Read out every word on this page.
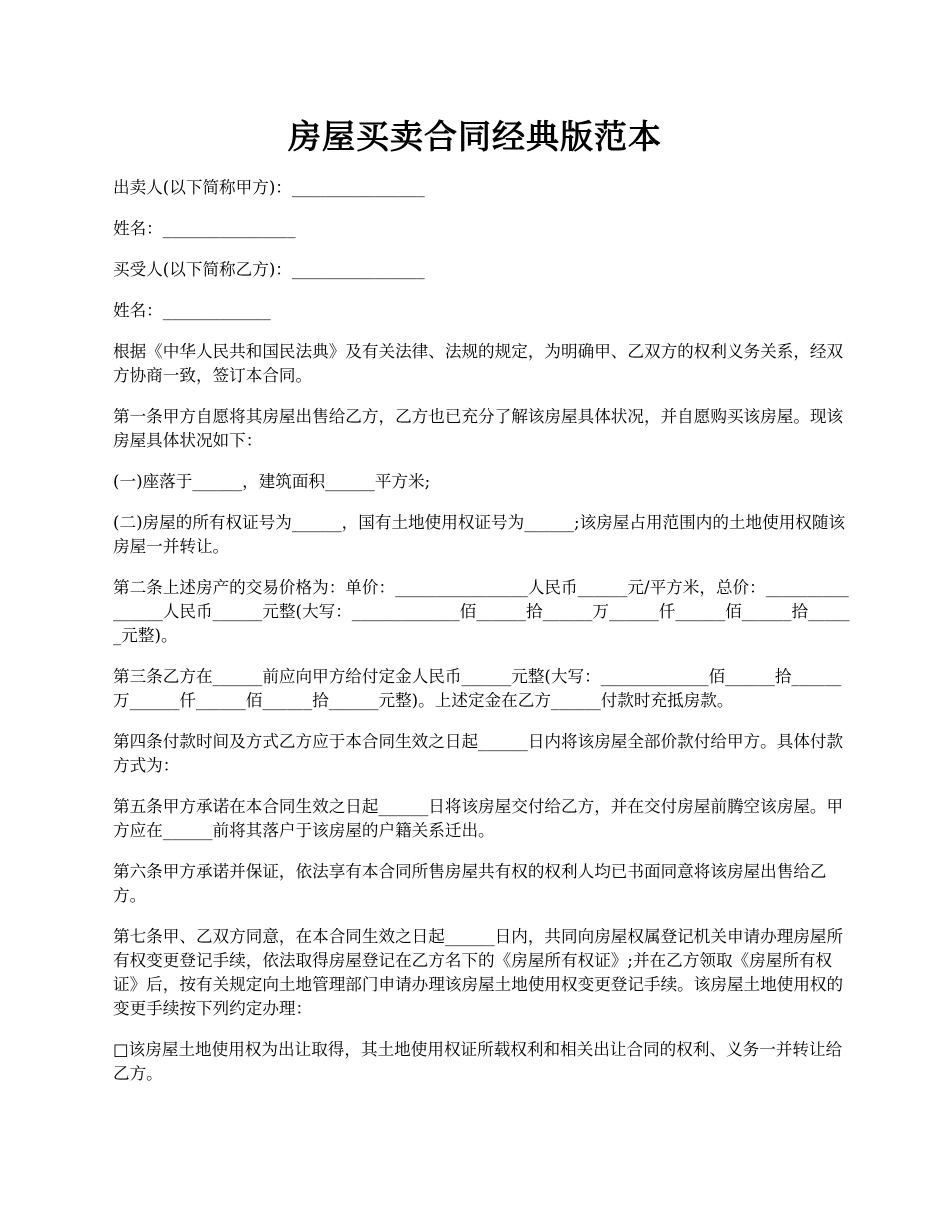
房屋买卖合同经典版范本

出卖人(以下简称甲方)：________________

姓名：________________

买受人(以下简称乙方)：________________

姓名：_____________

根据《中华人民共和国民法典》及有关法律、法规的规定，为明确甲、乙双方的权利义务关系，经双方协商一致，签订本合同。

第一条甲方自愿将其房屋出售给乙方，乙方也已充分了解该房屋具体状况，并自愿购买该房屋。现该房屋具体状况如下：

(一)座落于______，建筑面积______平方米;

(二)房屋的所有权证号为______，国有土地使用权证号为______;该房屋占用范围内的土地使用权随该房屋一并转让。

第二条上述房产的交易价格为：单价：________________人民币______元/平方米，总价：________________人民币______元整(大写：_____________佰______拾______万______仟______佰______拾______元整)。

第三条乙方在______前应向甲方给付定金人民币______元整(大写：_____________佰______拾______万______仟______佰______拾______元整)。上述定金在乙方______付款时充抵房款。

第四条付款时间及方式乙方应于本合同生效之日起______日内将该房屋全部价款付给甲方。具体付款方式为：

第五条甲方承诺在本合同生效之日起______日将该房屋交付给乙方，并在交付房屋前腾空该房屋。甲方应在______前将其落户于该房屋的户籍关系迁出。

第六条甲方承诺并保证，依法享有本合同所售房屋共有权的权利人均已书面同意将该房屋出售给乙方。

第七条甲、乙双方同意，在本合同生效之日起______日内，共同向房屋权属登记机关申请办理房屋所有权变更登记手续，依法取得房屋登记在乙方名下的《房屋所有权证》;并在乙方领取《房屋所有权证》后，按有关规定向土地管理部门申请办理该房屋土地使用权变更登记手续。该房屋土地使用权的变更手续按下列约定办理：

□该房屋土地使用权为出让取得，其土地使用权证所载权利和相关出让合同的权利、义务一并转让给乙方。
